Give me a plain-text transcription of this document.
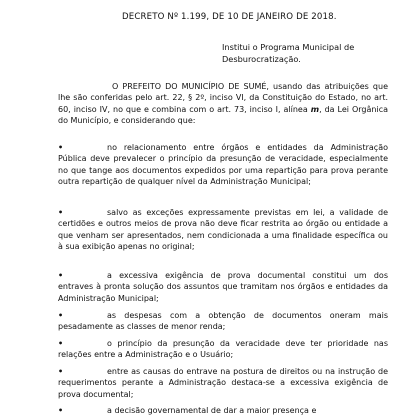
DECRETO Nº 1.199, DE 10 DE JANEIRO DE 2018.
Institui o Programa Municipal de Desburocratização.

O PREFEITO DO MUNICÍPIO DE SUMÉ, usando das atribuições que lhe são conferidas pelo art. 22, § 2º, inciso VI, da Constituição do Estado, no art. 60, inciso IV, no que e combina com o art. 73, inciso I, alínea m, da Lei Orgânica do Município, e considerando que:

•	no relacionamento entre órgãos e entidades da Administração Pública deve prevalecer o princípio da presunção de veracidade, especialmente no que tange aos documentos expedidos por uma repartição para prova perante outra repartição de qualquer nível da Administração Municipal;

•	salvo as exceções expressamente previstas em lei, a validade de certidões e outros meios de prova não deve ficar restrita ao órgão ou entidade a que venham ser apresentados, nem condicionada a uma finalidade específica ou à sua exibição apenas no original;

•	a excessiva exigência de prova documental constitui um dos entraves à pronta solução dos assuntos que tramitam nos órgãos e entidades da Administração Municipal;

•	as despesas com a obtenção de documentos oneram mais pesadamente as classes de menor renda;

•	o princípio da presunção da veracidade deve ter prioridade nas relações entre a Administração e o Usuário;

•	entre as causas do entrave na postura de direitos ou na instrução de requerimentos perante a Administração destaca-se a excessiva exigência de prova documental;

•	a decisão governamental de dar a maior presença e
